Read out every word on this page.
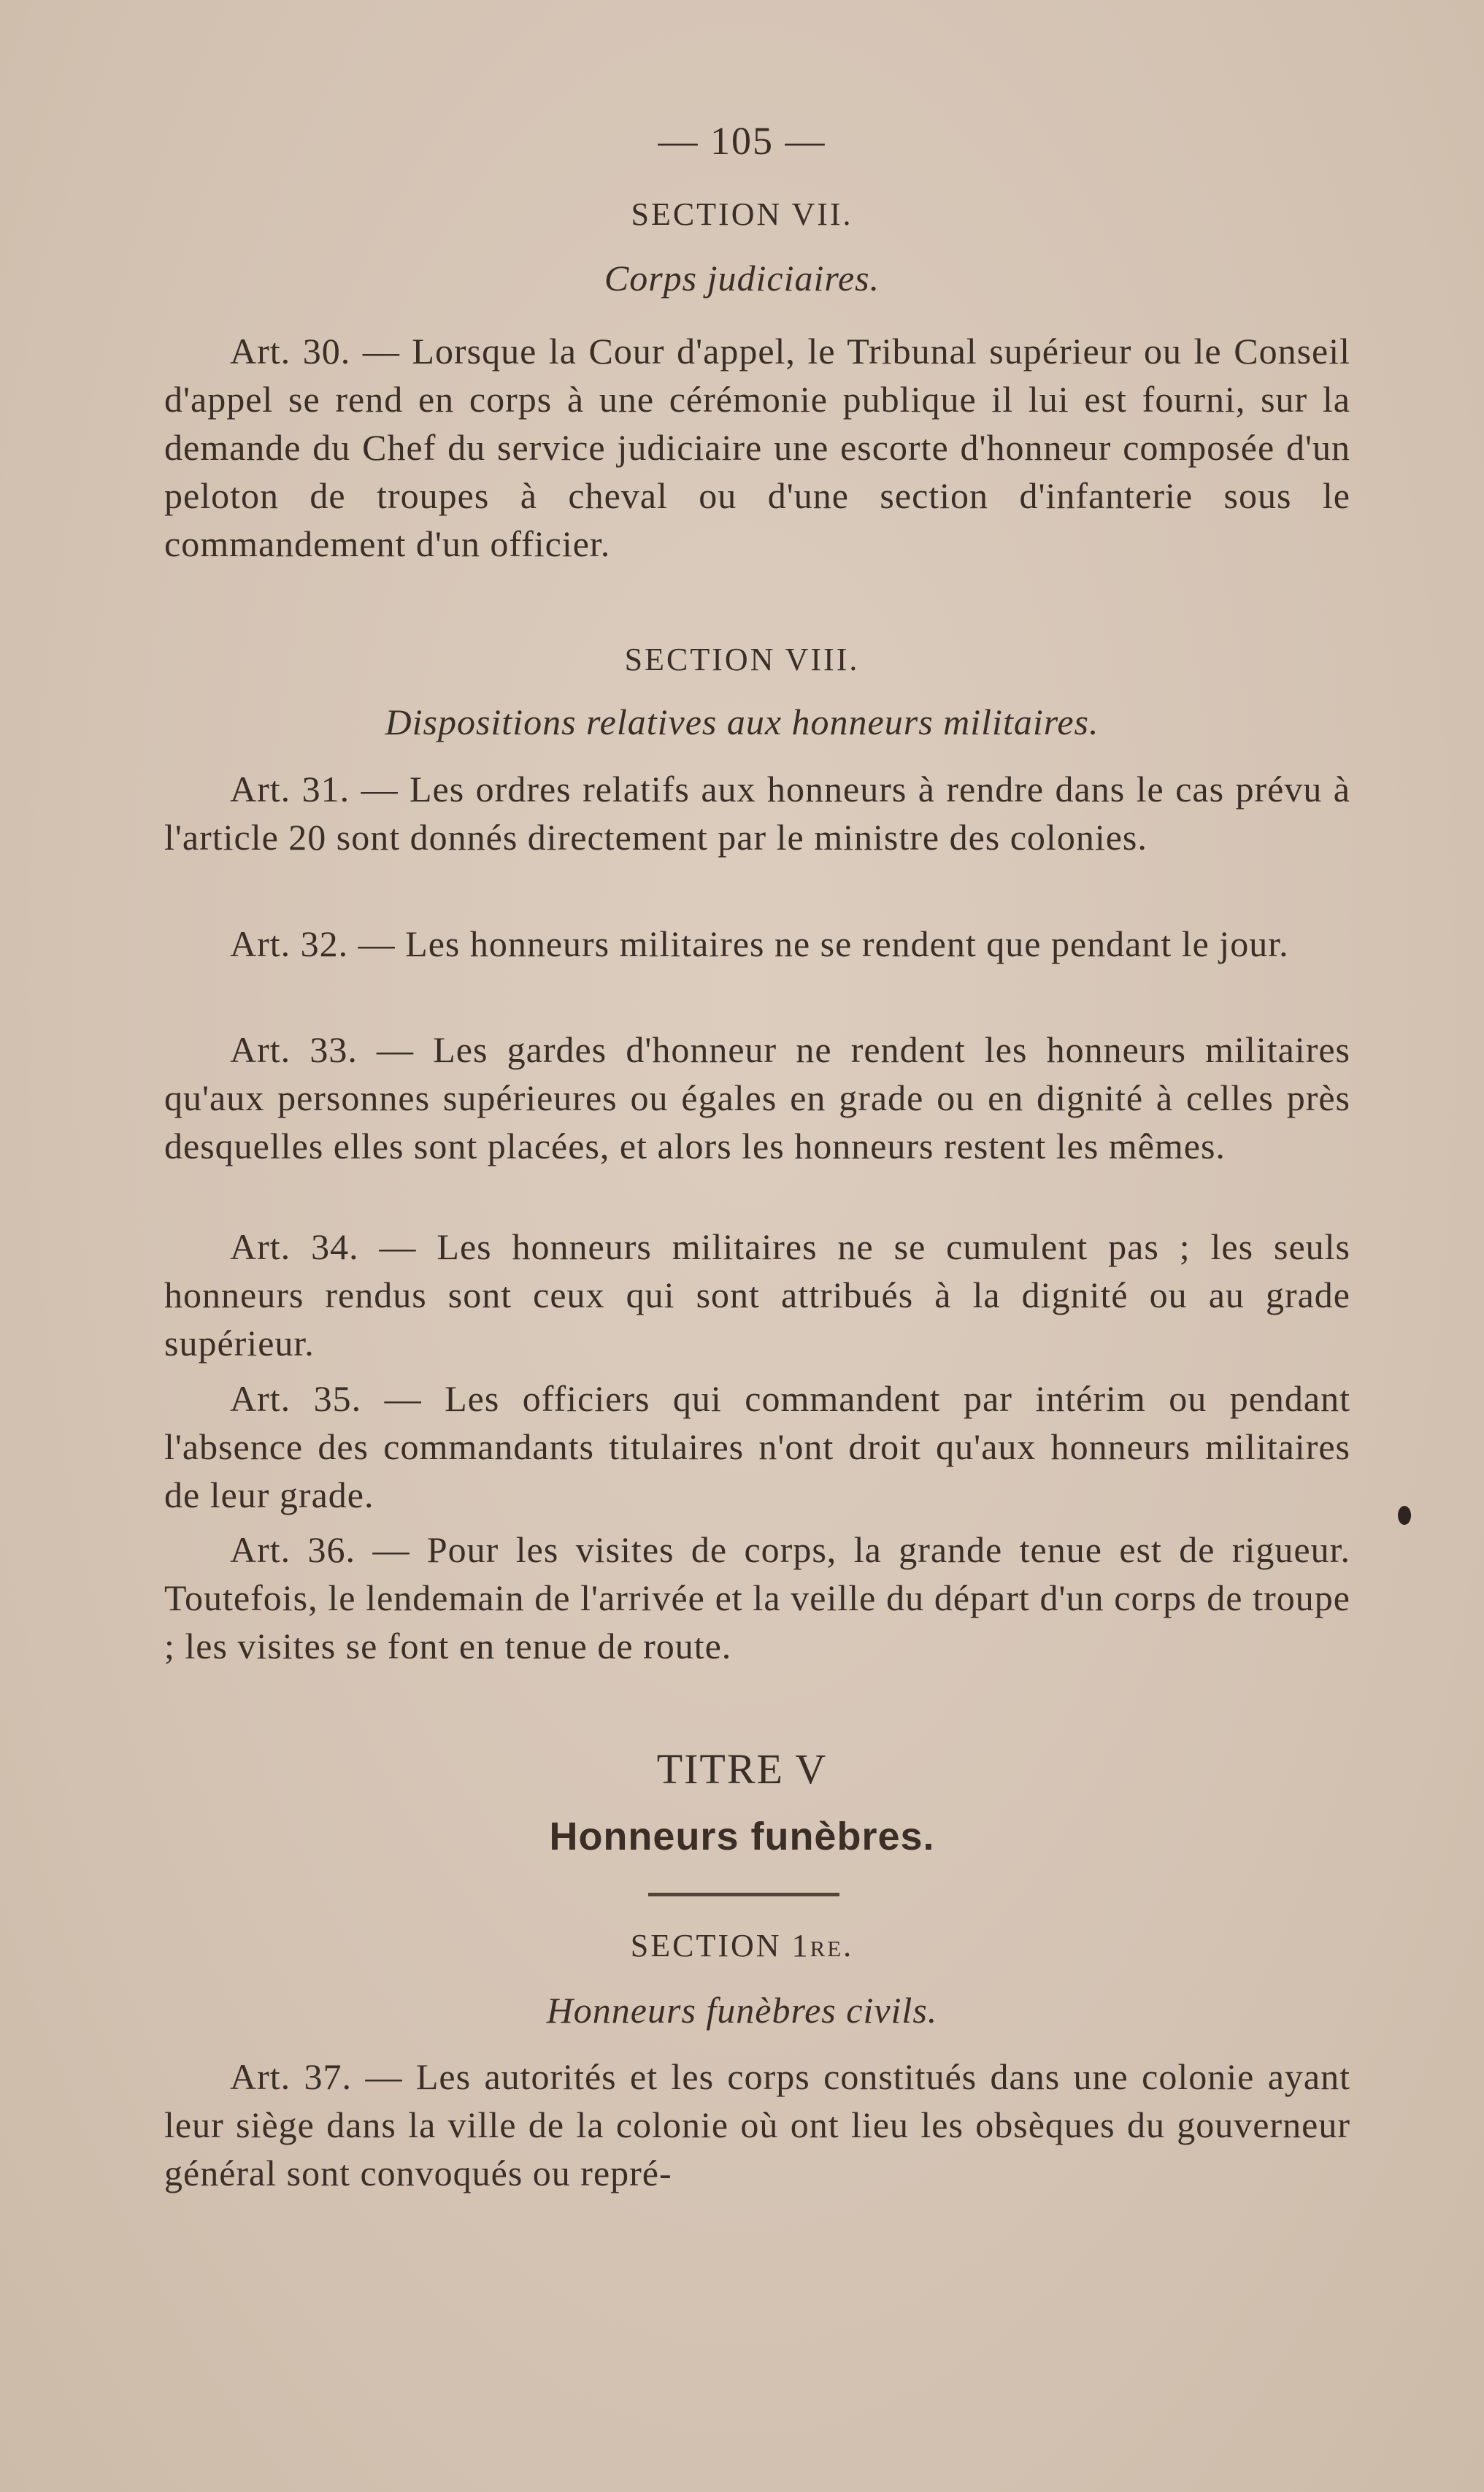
— 105 —
SECTION VII.
Corps judiciaires.
Art. 30. — Lorsque la Cour d'appel, le Tribunal supérieur ou le Conseil d'appel se rend en corps à une cérémonie publique il lui est fourni, sur la demande du Chef du service judiciaire une escorte d'honneur composée d'un peloton de troupes à cheval ou d'une section d'infanterie sous le commandement d'un officier.
SECTION VIII.
Dispositions relatives aux honneurs militaires.
Art. 31. — Les ordres relatifs aux honneurs à rendre dans le cas prévu à l'article 20 sont donnés directement par le ministre des colonies.
Art. 32. — Les honneurs militaires ne se rendent que pendant le jour.
Art. 33. — Les gardes d'honneur ne rendent les honneurs militaires qu'aux personnes supérieures ou égales en grade ou en dignité à celles près desquelles elles sont placées, et alors les honneurs restent les mêmes.
Art. 34. — Les honneurs militaires ne se cumulent pas ; les seuls honneurs rendus sont ceux qui sont attribués à la dignité ou au grade supérieur.
Art. 35. — Les officiers qui commandent par intérim ou pendant l'absence des commandants titulaires n'ont droit qu'aux honneurs militaires de leur grade.
Art. 36. — Pour les visites de corps, la grande tenue est de rigueur. Toutefois, le lendemain de l'arrivée et la veille du départ d'un corps de troupe ; les visites se font en tenue de route.
TITRE V
Honneurs funèbres.
SECTION 1re.
Honneurs funèbres civils.
Art. 37. — Les autorités et les corps constitués dans une colonie ayant leur siège dans la ville de la colonie où ont lieu les obsèques du gouverneur général sont convoqués ou repré-
